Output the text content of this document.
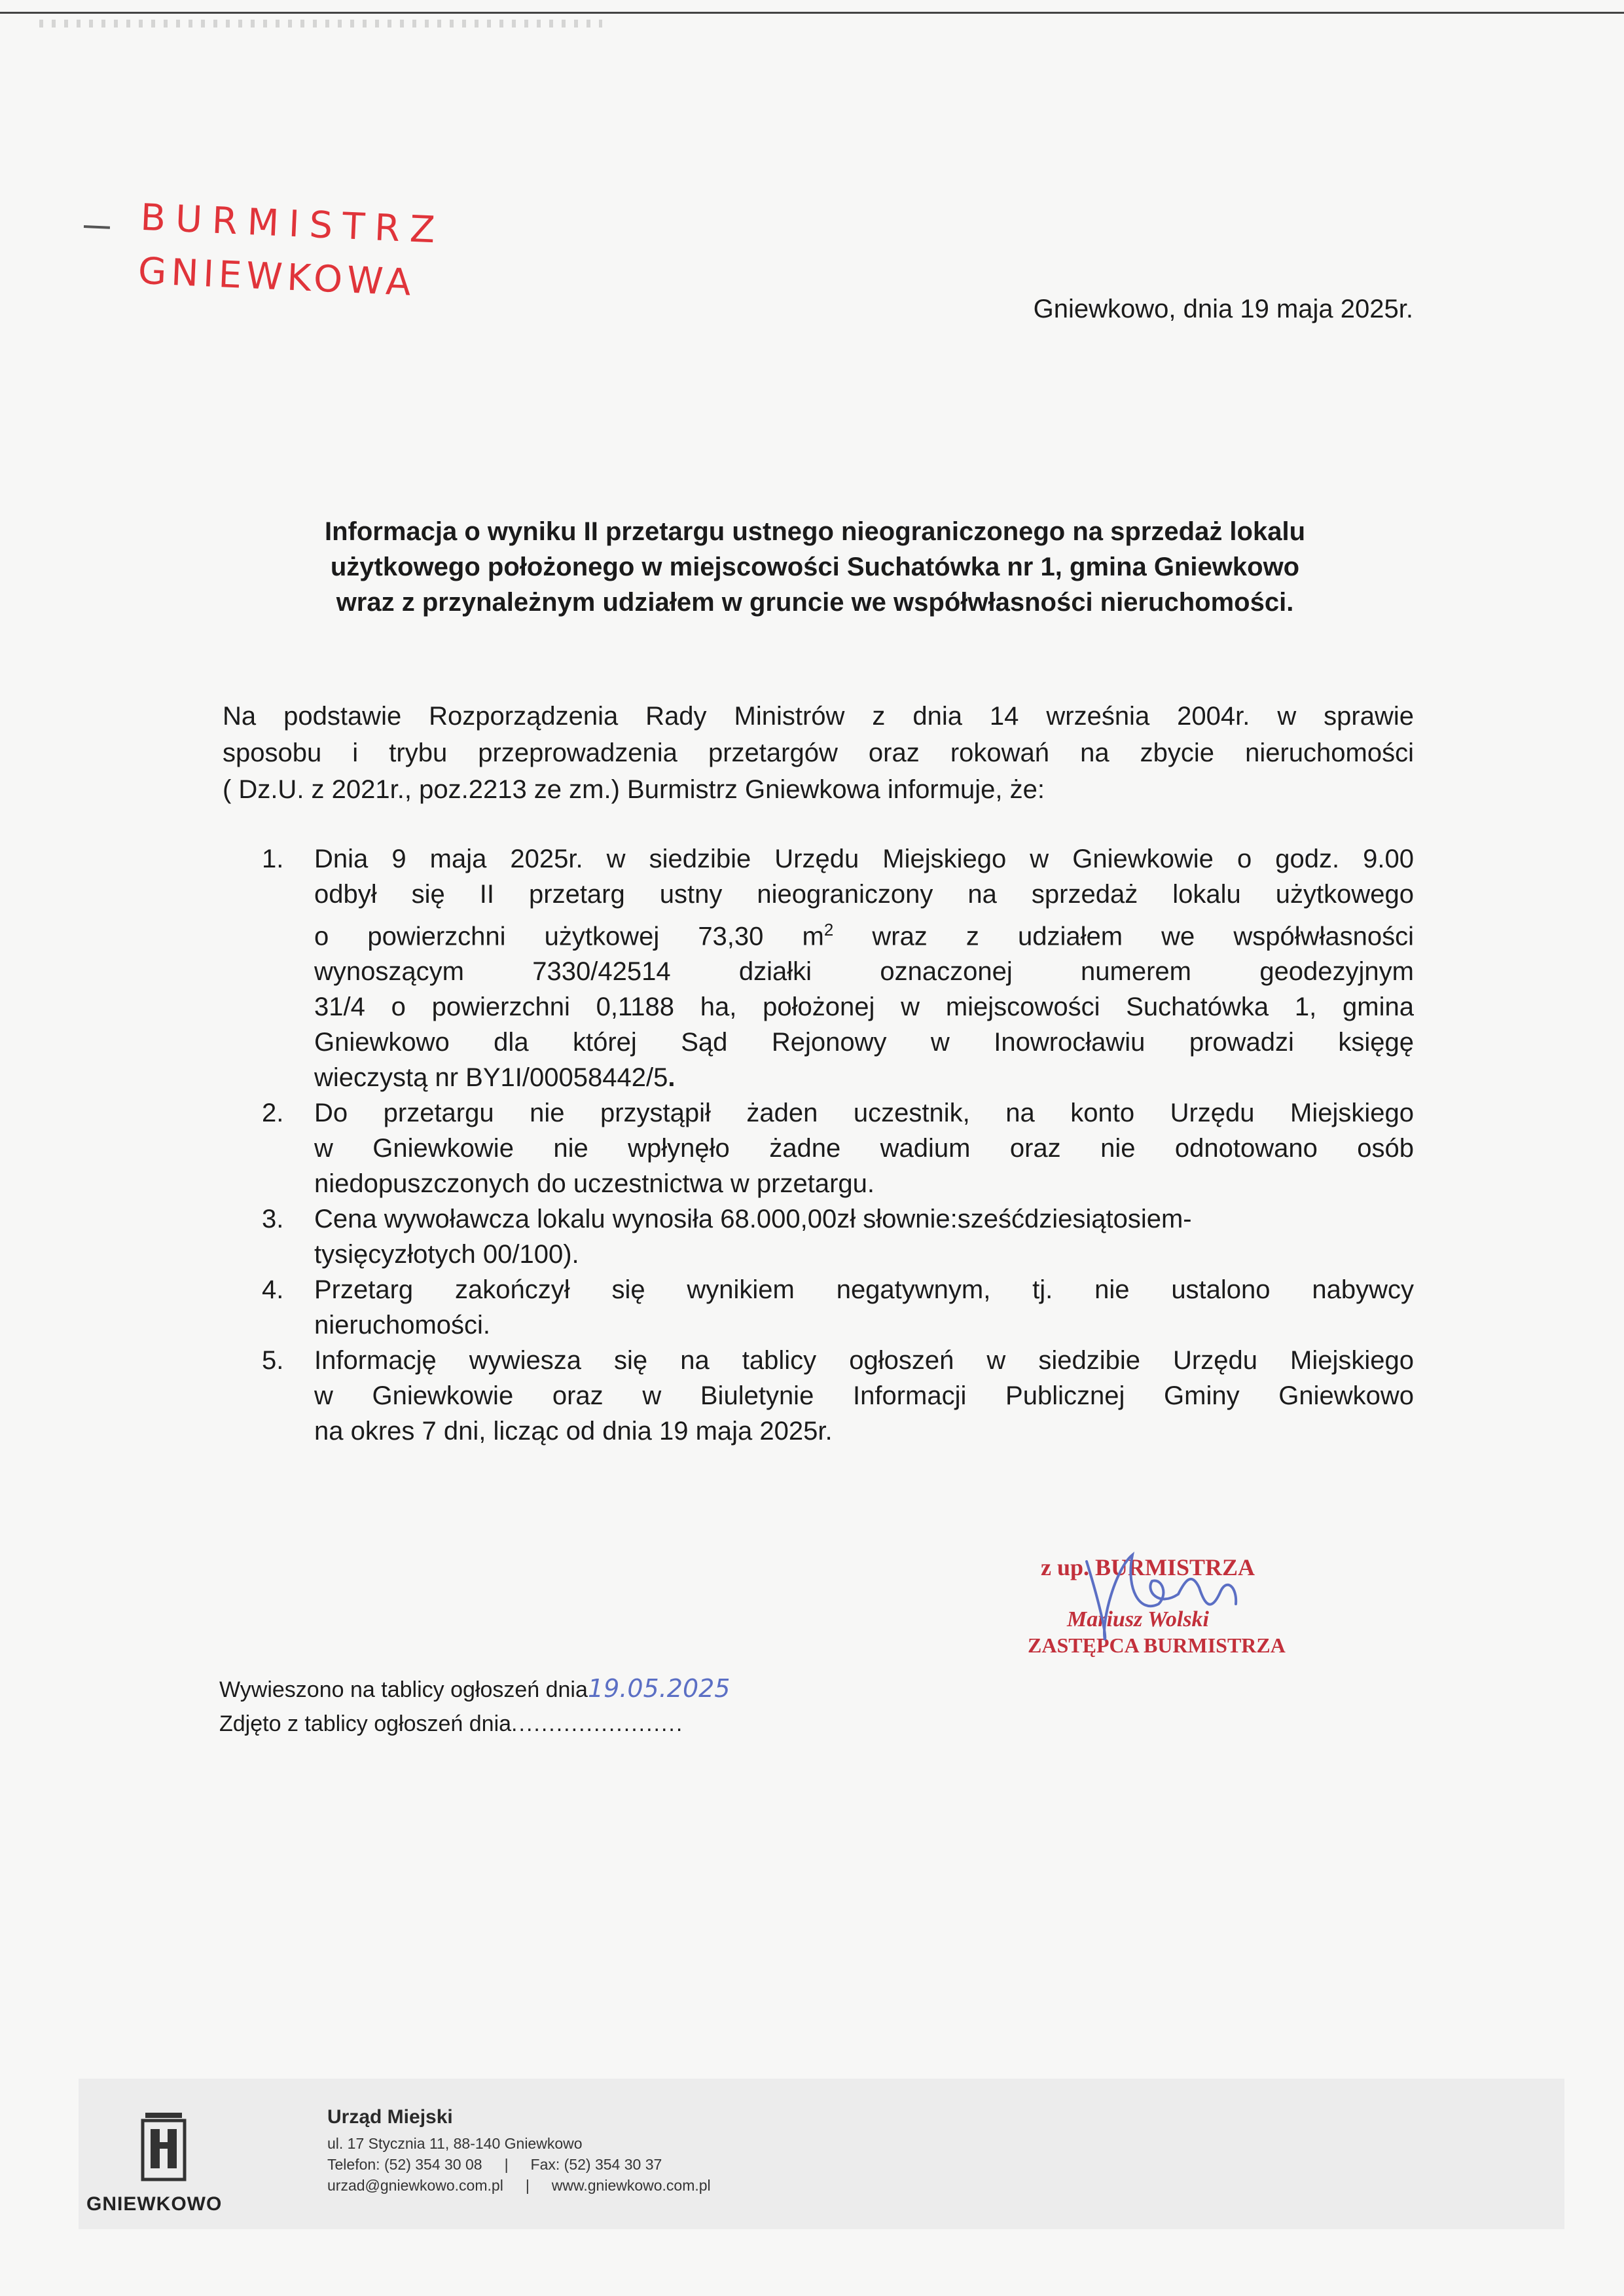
BURMISTRZ
GNIEWKOWA
Gniewkowo, dnia 19 maja 2025r.
Informacja o wyniku II przetargu ustnego nieograniczonego na sprzedaż lokalu
użytkowego położonego w miejscowości Suchatówka nr 1, gmina Gniewkowo
wraz z przynależnym udziałem w gruncie we współwłasności nieruchomości.
Na podstawie Rozporządzenia Rady Ministrów z dnia 14 września 2004r. w sprawie
sposobu i trybu przeprowadzenia przetargów oraz rokowań na zbycie nieruchomości
( Dz.U. z 2021r., poz.2213 ze zm.) Burmistrz Gniewkowa informuje, że:
1. Dnia 9 maja 2025r. w siedzibie Urzędu Miejskiego w Gniewkowie o godz. 9.00
odbył się II przetarg ustny nieograniczony na sprzedaż lokalu użytkowego
o powierzchni użytkowej 73,30 $m^2$ wraz z udziałem we współwłasności
wynoszącym 7330/42514 działki oznaczonej numerem geodezyjnym
31/4 o powierzchni 0,1188 ha, położonej w miejscowości Suchatówka 1, gmina
Gniewkowo dla której Sąd Rejonowy w Inowrocławiu prowadzi księgę
wieczystą nr BY1I/00058442/5.
2. Do przetargu nie przystąpił żaden uczestnik, na konto Urzędu Miejskiego
w Gniewkowie nie wpłynęło żadne wadium oraz nie odnotowano osób
niedopuszczonych do uczestnictwa w przetargu.
3. Cena wywoławcza lokalu wynosiła 68.000,00zł słownie:sześćdziesiątosiem-
tysięcyzłotych 00/100).
4. Przetarg zakończył się wynikiem negatywnym, tj. nie ustalono nabywcy
nieruchomości.
5. Informację wywiesza się na tablicy ogłoszeń w siedzibie Urzędu Miejskiego
w Gniewkowie oraz w Biuletynie Informacji Publicznej Gminy Gniewkowo
na okres 7 dni, licząc od dnia 19 maja 2025r.
z up. BURMISTRZA
Mariusz Wolski
ZASTĘPCA BURMISTRZA
Wywieszono na tablicy ogłoszeń dnia19.05.2025
Zdjęto z tablicy ogłoszeń dnia.......................
GNIEWKOWO
Urząd Miejski
ul. 17 Stycznia 11, 88-140 Gniewkowo
Telefon: (52) 354 30 08 | Fax: (52) 354 30 37
urzad@gniewkowo.com.pl | www.gniewkowo.com.pl
